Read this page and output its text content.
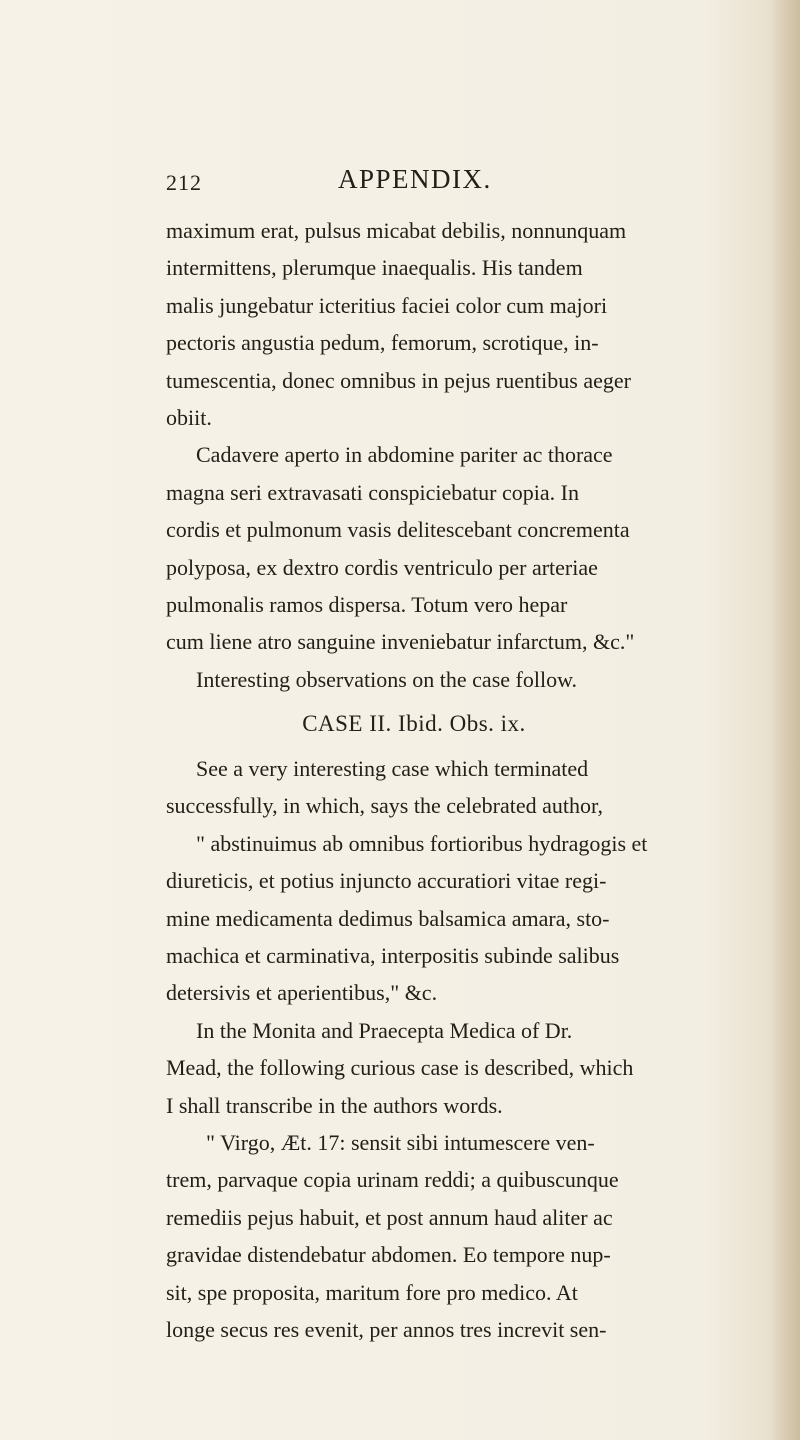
212	APPENDIX.
maximum erat, pulsus micabat debilis, nonnunquam
intermittens, plerumque inaequalis. His tandem
malis jungebatur icteritius faciei color cum majori
pectoris angustia pedum, femorum, scrotique, in-
tumescentia, donec omnibus in pejus ruentibus aeger
obiit.
Cadavere aperto in abdomine pariter ac thorace
magna seri extravasati conspiciebatur copia. In
cordis et pulmonum vasis delitescebant concrementa
polyposa, ex dextro cordis ventriculo per arteriae
pulmonalis ramos dispersa. Totum vero hepar
cum liene atro sanguine inveniebatur infarctum, &c."
Interesting observations on the case follow.
CASE II. Ibid. Obs. ix.
See a very interesting case which terminated
successfully, in which, says the celebrated author,
" abstinuimus ab omnibus fortioribus hydragogis et
diureticis, et potius injuncto accuratiori vitae regi-
mine medicamenta dedimus balsamica amara, sto-
machica et carminativa, interpositis subinde salibus
detersivis et aperientibus," &c.
In the Monita and Praecepta Medica of Dr.
Mead, the following curious case is described, which
I shall transcribe in the authors words.
" Virgo, Æt. 17: sensit sibi intumescere ven-
trem, parvaque copia urinam reddi; a quibuscunque
remediis pejus habuit, et post annum haud aliter ac
gravidae distendebatur abdomen. Eo tempore nup-
sit, spe proposita, maritum fore pro medico. At
longe secus res evenit, per annos tres increvit sen-
